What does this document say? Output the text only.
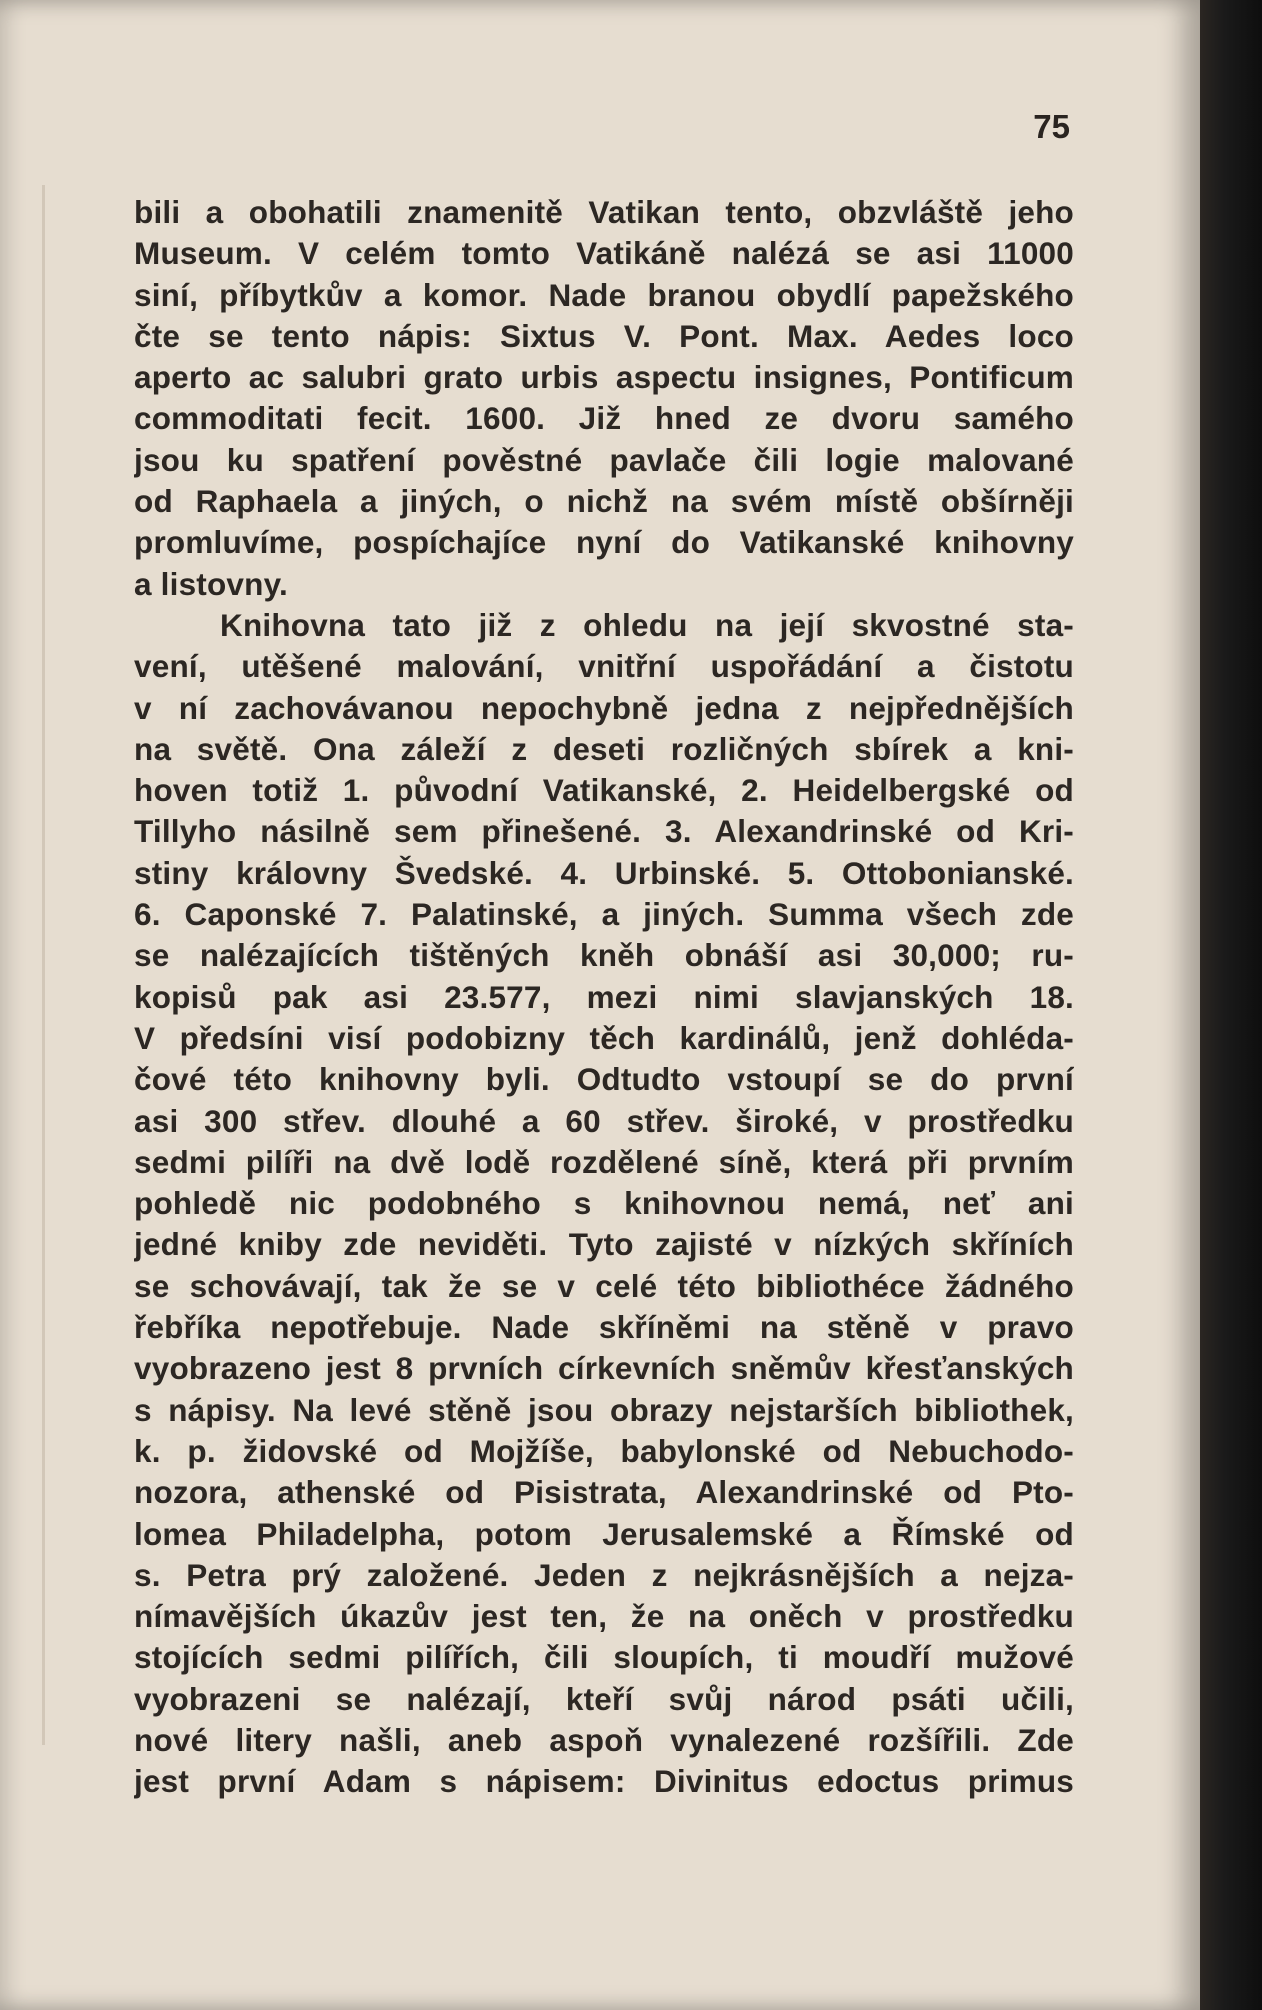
75
bili a obohatili znamenitě Vatikan tento, obzvláště jeho
Museum. V celém tomto Vatikáně nalézá se asi 11000
siní, příbytkův a komor. Nade branou obydlí papežského
čte se tento nápis: Sixtus V. Pont. Max. Aedes loco
aperto ac salubri grato urbis aspectu insignes, Pontificum
commoditati fecit. 1600. Již hned ze dvoru samého
jsou ku spatření pověstné pavlače čili logie malované
od Raphaela a jiných, o nichž na svém místě obšírněji
promluvíme, pospíchajíce nyní do Vatikanské knihovny
a listovny.
Knihovna tato již z ohledu na její skvostné sta-
vení, utěšené malování, vnitřní uspořádání a čistotu
v ní zachovávanou nepochybně jedna z nejpřednějších
na světě. Ona záleží z deseti rozličných sbírek a kni-
hoven totiž 1. původní Vatikanské, 2. Heidelbergské od
Tillyho násilně sem přinešené. 3. Alexandrinské od Kri-
stiny královny Švedské. 4. Urbinské. 5. Ottobonianské.
6. Caponské 7. Palatinské, a jiných. Summa všech zde
se nalézajících tištěných kněh obnáší asi 30,000; ru-
kopisů pak asi 23.577, mezi nimi slavjanských 18.
V předsíni visí podobizny těch kardinálů, jenž dohléda-
čové této knihovny byli. Odtudto vstoupí se do první
asi 300 střev. dlouhé a 60 střev. široké, v prostředku
sedmi pilíři na dvě lodě rozdělené síně, která při prvním
pohledě nic podobného s knihovnou nemá, neť ani
jedné kniby zde neviděti. Tyto zajisté v nízkých skříních
se schovávají, tak že se v celé této bibliothéce žádného
řebříka nepotřebuje. Nade skříněmi na stěně v pravo
vyobrazeno jest 8 prvních církevních sněmův křesťanských
s nápisy. Na levé stěně jsou obrazy nejstarších bibliothek,
k. p. židovské od Mojžíše, babylonské od Nebuchodo-
nozora, athenské od Pisistrata, Alexandrinské od Pto-
lomea Philadelpha, potom Jerusalemské a Římské od
s. Petra prý založené. Jeden z nejkrásnějších a nejza-
nímavějších úkazův jest ten, že na oněch v prostředku
stojících sedmi pilířích, čili sloupích, ti moudří mužové
vyobrazeni se nalézají, kteří svůj národ psáti učili,
nové litery našli, aneb aspoň vynalezené rozšířili. Zde
jest první Adam s nápisem: Divinitus edoctus primus
